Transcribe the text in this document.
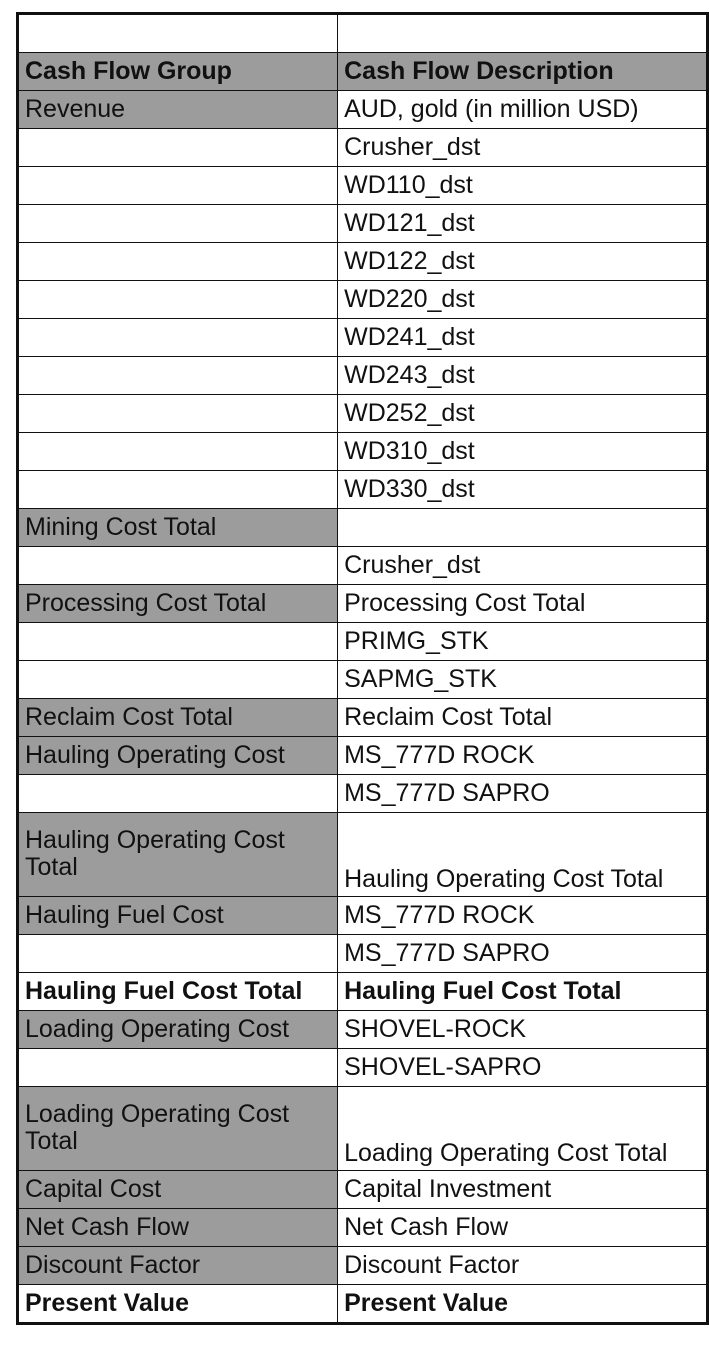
Cash Flow Group	Cash Flow Description
Revenue	AUD, gold (in million USD)
	Crusher_dst
	WD110_dst
	WD121_dst
	WD122_dst
	WD220_dst
	WD241_dst
	WD243_dst
	WD252_dst
	WD310_dst
	WD330_dst
Mining Cost Total	
	Crusher_dst
Processing Cost Total	Processing Cost Total
	PRIMG_STK
	SAPMG_STK
Reclaim Cost Total	Reclaim Cost Total
Hauling Operating Cost	MS_777D ROCK
	MS_777D SAPRO
Hauling Operating Cost Total	Hauling Operating Cost Total
Hauling Fuel Cost	MS_777D ROCK
	MS_777D SAPRO
Hauling Fuel Cost Total	Hauling Fuel Cost Total
Loading Operating Cost	SHOVEL-ROCK
	SHOVEL-SAPRO
Loading Operating Cost Total	Loading Operating Cost Total
Capital Cost	Capital Investment
Net Cash Flow	Net Cash Flow
Discount Factor	Discount Factor
Present Value	Present Value
